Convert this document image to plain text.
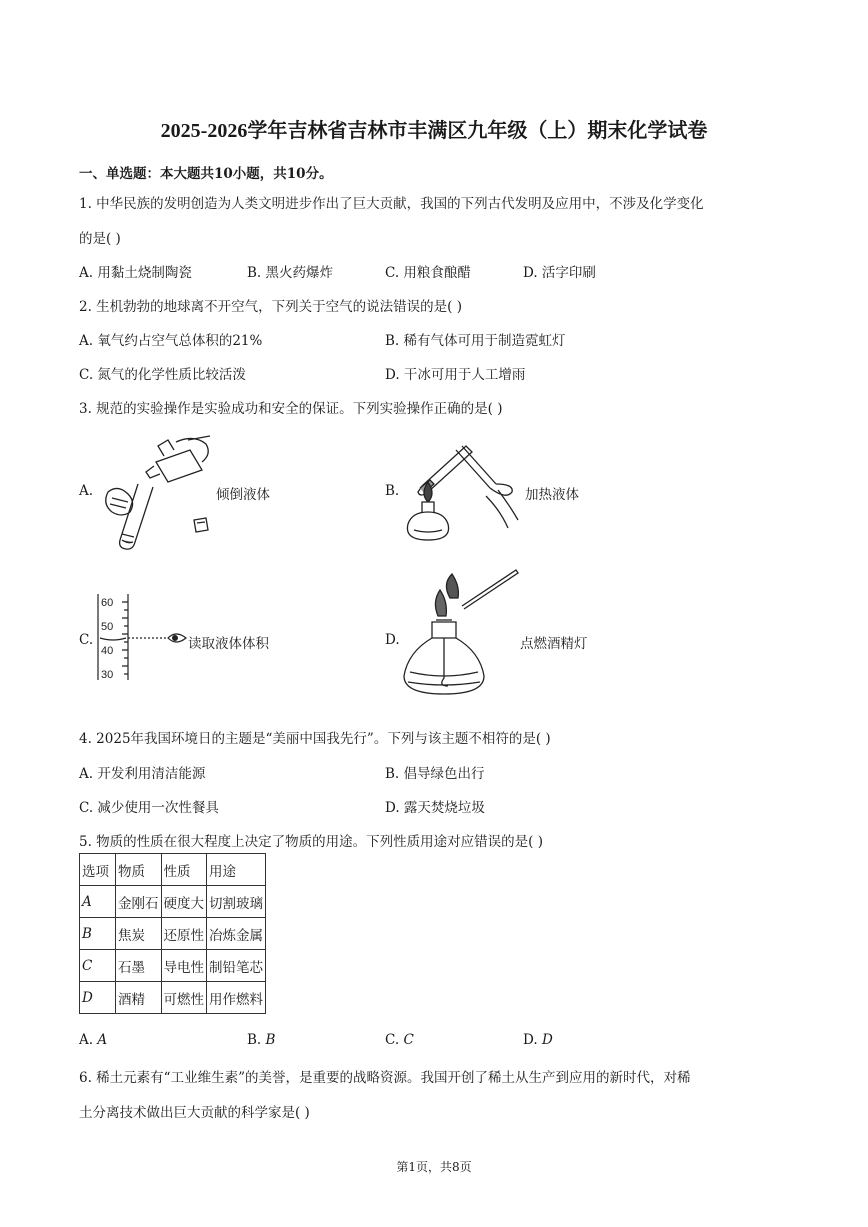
2025-2026学年吉林省吉林市丰满区九年级（上）期末化学试卷
一、单选题：本大题共10小题，共10分。
1. 中华民族的发明创造为人类文明进步作出了巨大贡献，我国的下列古代发明及应用中，不涉及化学变化
的是( )
A. 用黏土烧制陶瓷	B. 黑火药爆炸	C. 用粮食酿醋	D. 活字印刷
2. 生机勃勃的地球离不开空气，下列关于空气的说法错误的是( )
A. 氧气约占空气总体积的21%	B. 稀有气体可用于制造霓虹灯
C. 氮气的化学性质比较活泼	D. 干冰可用于人工增雨
3. 规范的实验操作是实验成功和安全的保证。下列实验操作正确的是( )
A.	倾倒液体	B.	加热液体
C.
60
50
40
30
读取液体体积	D.	点燃酒精灯
4. 2025年我国环境日的主题是“美丽中国我先行”。下列与该主题不相符的是( )
A. 开发利用清洁能源	B. 倡导绿色出行
C. 减少使用一次性餐具	D. 露天焚烧垃圾
5. 物质的性质在很大程度上决定了物质的用途。下列性质用途对应错误的是( )
选项	物质	性质	用途
A	金刚石	硬度大	切割玻璃
B	焦炭	还原性	冶炼金属
C	石墨	导电性	制铅笔芯
D	酒精	可燃性	用作燃料
A. A	B. B	C. C	D. D
6. 稀土元素有“工业维生素”的美誉，是重要的战略资源。我国开创了稀土从生产到应用的新时代，对稀
土分离技术做出巨大贡献的科学家是( )
第1页，共8页
